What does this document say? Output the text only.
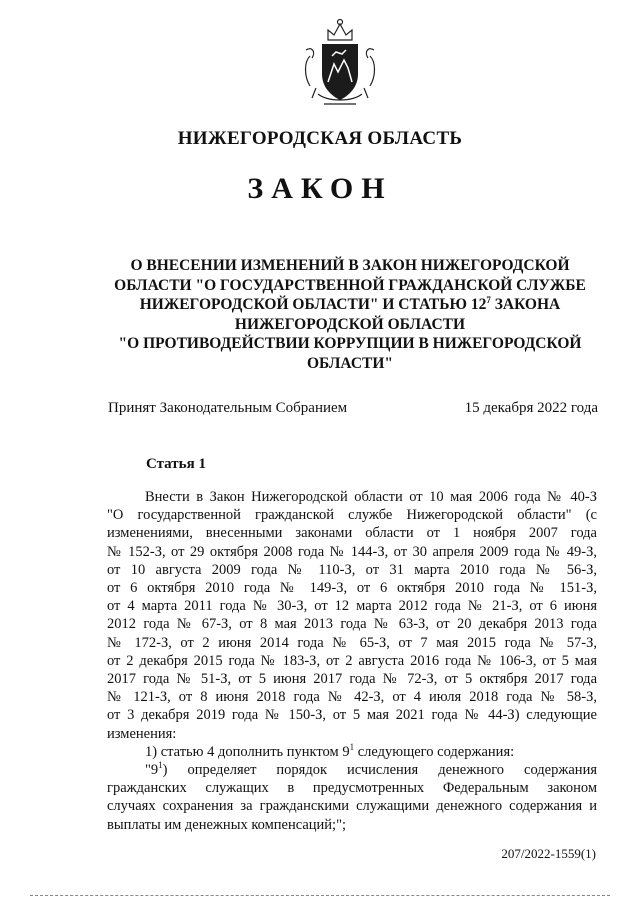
НИЖЕГОРОДСКАЯ ОБЛАСТЬ
ЗАКОН
О ВНЕСЕНИИ ИЗМЕНЕНИЙ В ЗАКОН НИЖЕГОРОДСКОЙ
ОБЛАСТИ "О ГОСУДАРСТВЕННОЙ ГРАЖДАНСКОЙ СЛУЖБЕ
НИЖЕГОРОДСКОЙ ОБЛАСТИ" И СТАТЬЮ $12^7$ ЗАКОНА
НИЖЕГОРОДСКОЙ ОБЛАСТИ
"О ПРОТИВОДЕЙСТВИИ КОРРУПЦИИ В НИЖЕГОРОДСКОЙ
ОБЛАСТИ"
Принят Законодательным Собранием	15 декабря 2022 года
Статья 1
Внести в Закон Нижегородской области от 10 мая 2006 года № 40-З
"О государственной гражданской службе Нижегородской области" (с
изменениями, внесенными законами области от 1 ноября 2007 года
№ 152-З, от 29 октября 2008 года № 144-З, от 30 апреля 2009 года № 49-З,
от 10 августа 2009 года № 110-З, от 31 марта 2010 года № 56-З,
от 6 октября 2010 года № 149-З, от 6 октября 2010 года № 151-З,
от 4 марта 2011 года № 30-З, от 12 марта 2012 года № 21-З, от 6 июня
2012 года № 67-З, от 8 мая 2013 года № 63-З, от 20 декабря 2013 года
№ 172-З, от 2 июня 2014 года № 65-З, от 7 мая 2015 года № 57-З,
от 2 декабря 2015 года № 183-З, от 2 августа 2016 года № 106-З, от 5 мая
2017 года № 51-З, от 5 июня 2017 года № 72-З, от 5 октября 2017 года
№ 121-З, от 8 июня 2018 года № 42-З, от 4 июля 2018 года № 58-З,
от 3 декабря 2019 года № 150-З, от 5 мая 2021 года № 44-З) следующие
изменения:
1) статью 4 дополнить пунктом $9^1$ следующего содержания:
"$9^1$) определяет порядок исчисления денежного содержания
гражданских служащих в предусмотренных Федеральным законом
случаях сохранения за гражданскими служащими денежного содержания и
выплаты им денежных компенсаций;";
207/2022-1559(1)
